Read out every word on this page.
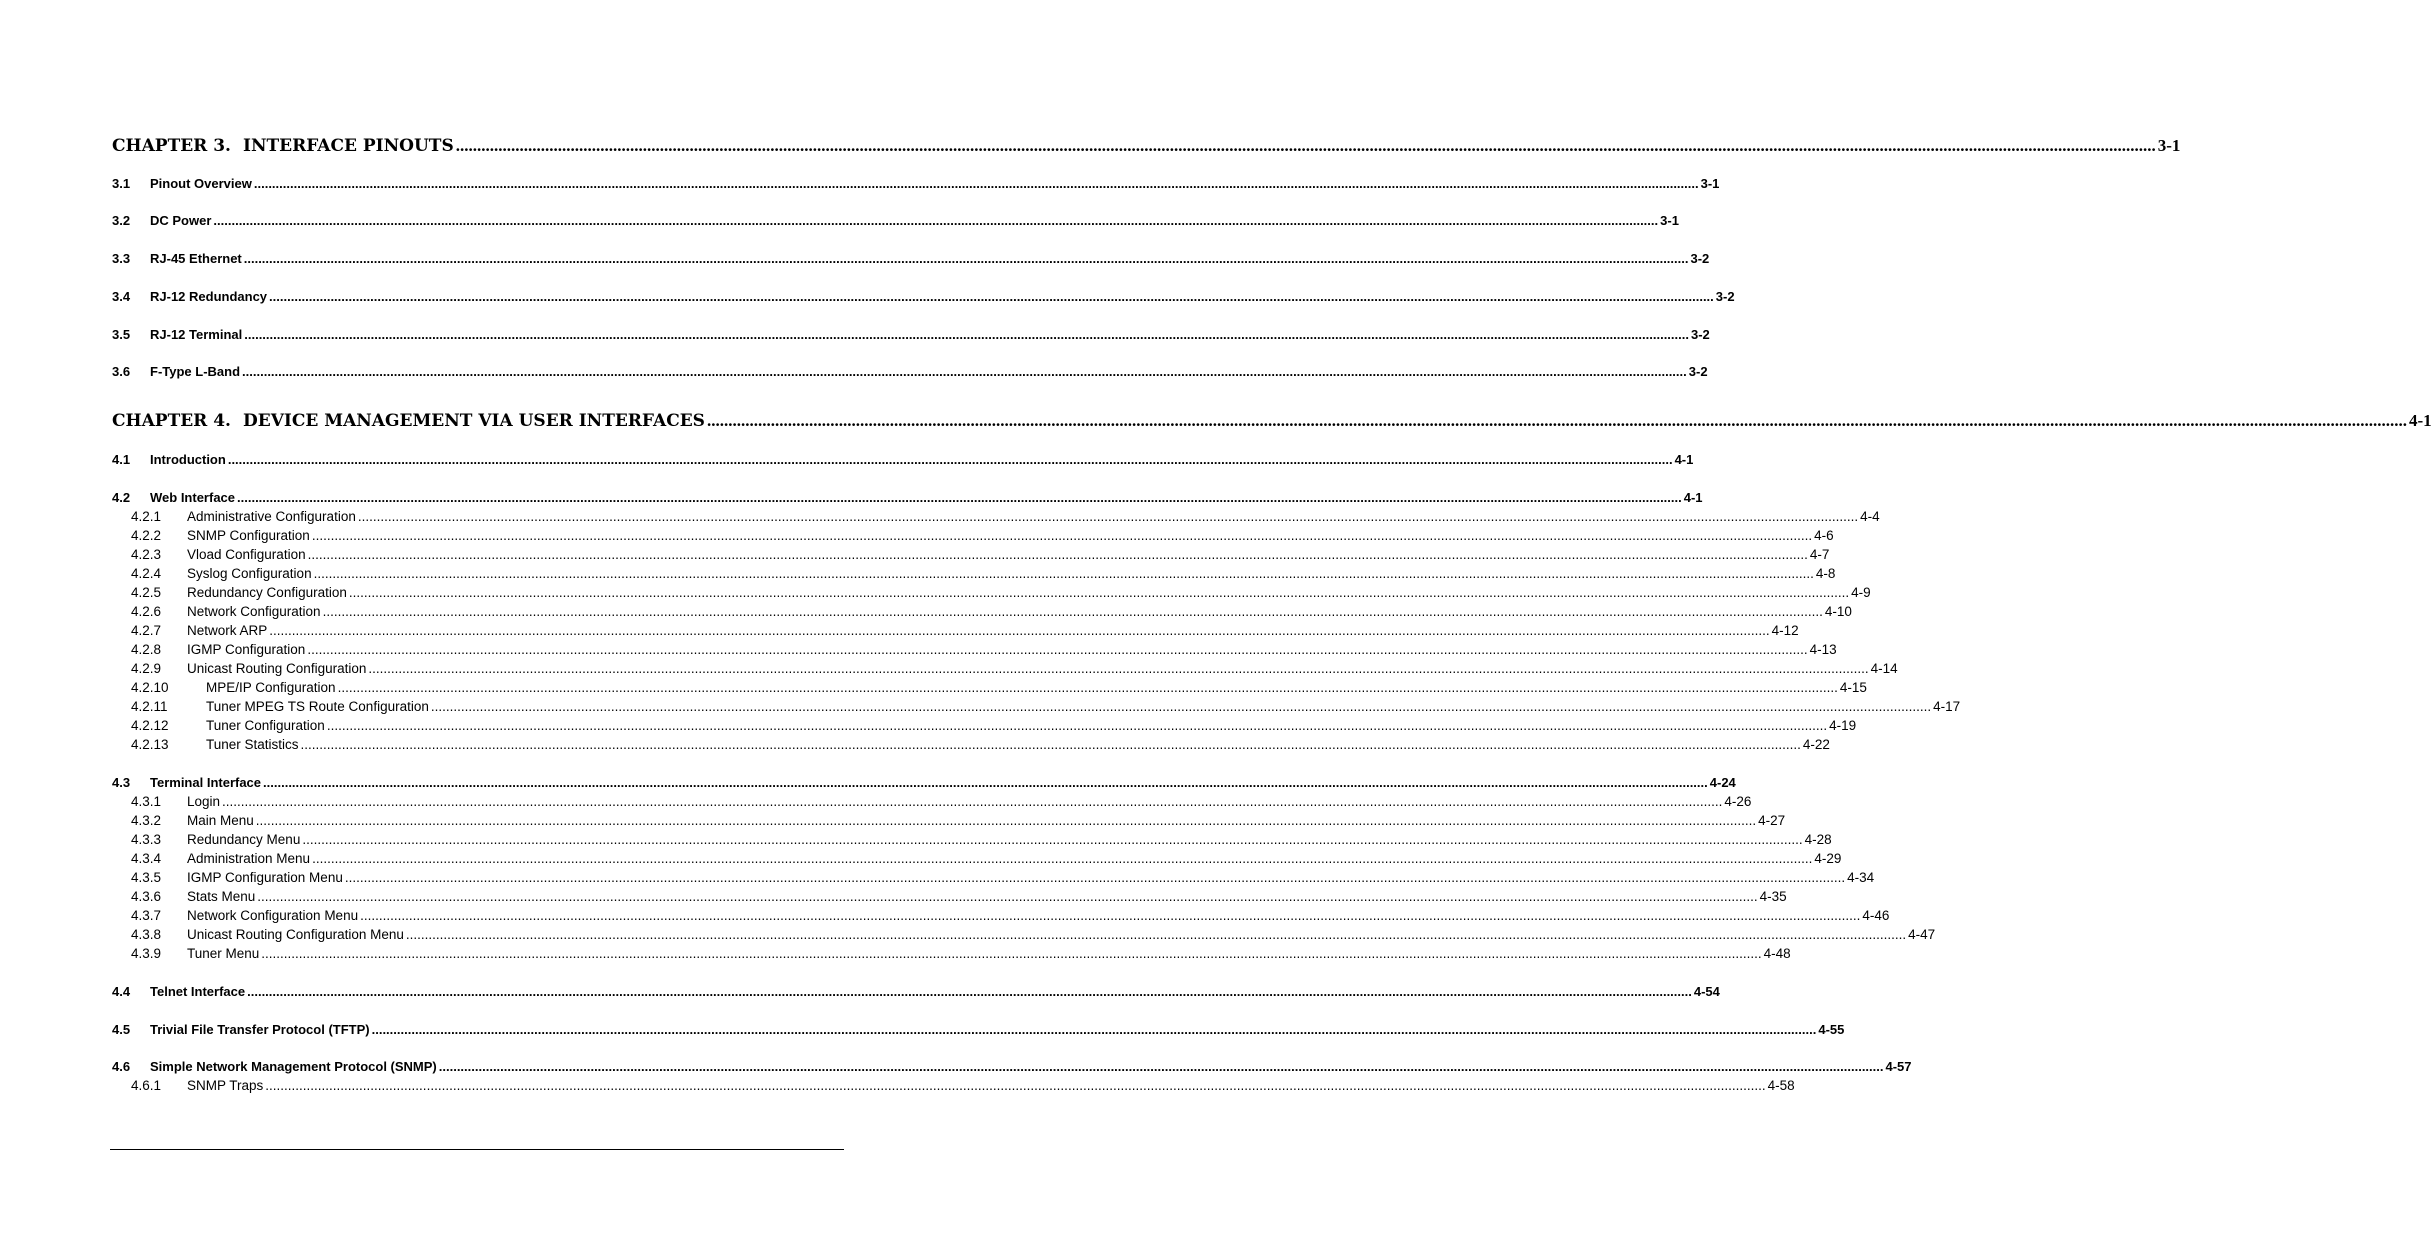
CHAPTER 3. INTERFACE PINOUTS ................................................................................................................................................................................................................................................................................................................................................................................................................ 3-1
3.1	Pinout Overview ................................................................................................................................................................................................................................................................................................................................................................................................................ 3-1
3.2	DC Power ................................................................................................................................................................................................................................................................................................................................................................................................................ 3-1
3.3	RJ-45 Ethernet ................................................................................................................................................................................................................................................................................................................................................................................................................ 3-2
3.4	RJ-12 Redundancy ................................................................................................................................................................................................................................................................................................................................................................................................................ 3-2
3.5	RJ-12 Terminal ................................................................................................................................................................................................................................................................................................................................................................................................................ 3-2
3.6	F-Type L-Band ................................................................................................................................................................................................................................................................................................................................................................................................................ 3-2
CHAPTER 4. DEVICE MANAGEMENT VIA USER INTERFACES ................................................................................................................................................................................................................................................................................................................................................................................................................ 4-1
4.1	Introduction ................................................................................................................................................................................................................................................................................................................................................................................................................ 4-1
4.2	Web Interface ................................................................................................................................................................................................................................................................................................................................................................................................................ 4-1
4.2.1	Administrative Configuration ................................................................................................................................................................................................................................................................................................................................................................................................................ 4-4
4.2.2	SNMP Configuration ................................................................................................................................................................................................................................................................................................................................................................................................................ 4-6
4.2.3	Vload Configuration ................................................................................................................................................................................................................................................................................................................................................................................................................ 4-7
4.2.4	Syslog Configuration ................................................................................................................................................................................................................................................................................................................................................................................................................ 4-8
4.2.5	Redundancy Configuration ................................................................................................................................................................................................................................................................................................................................................................................................................ 4-9
4.2.6	Network Configuration ................................................................................................................................................................................................................................................................................................................................................................................................................ 4-10
4.2.7	Network ARP ................................................................................................................................................................................................................................................................................................................................................................................................................ 4-12
4.2.8	IGMP Configuration ................................................................................................................................................................................................................................................................................................................................................................................................................ 4-13
4.2.9	Unicast Routing Configuration ................................................................................................................................................................................................................................................................................................................................................................................................................ 4-14
4.2.10	MPE/IP Configuration ................................................................................................................................................................................................................................................................................................................................................................................................................ 4-15
4.2.11	Tuner MPEG TS Route Configuration ................................................................................................................................................................................................................................................................................................................................................................................................................ 4-17
4.2.12	Tuner Configuration ................................................................................................................................................................................................................................................................................................................................................................................................................ 4-19
4.2.13	Tuner Statistics ................................................................................................................................................................................................................................................................................................................................................................................................................ 4-22
4.3	Terminal Interface ................................................................................................................................................................................................................................................................................................................................................................................................................ 4-24
4.3.1	Login ................................................................................................................................................................................................................................................................................................................................................................................................................ 4-26
4.3.2	Main Menu ................................................................................................................................................................................................................................................................................................................................................................................................................ 4-27
4.3.3	Redundancy Menu ................................................................................................................................................................................................................................................................................................................................................................................................................ 4-28
4.3.4	Administration Menu ................................................................................................................................................................................................................................................................................................................................................................................................................ 4-29
4.3.5	IGMP Configuration Menu ................................................................................................................................................................................................................................................................................................................................................................................................................ 4-34
4.3.6	Stats Menu ................................................................................................................................................................................................................................................................................................................................................................................................................ 4-35
4.3.7	Network Configuration Menu ................................................................................................................................................................................................................................................................................................................................................................................................................ 4-46
4.3.8	Unicast Routing Configuration Menu ................................................................................................................................................................................................................................................................................................................................................................................................................ 4-47
4.3.9	Tuner Menu ................................................................................................................................................................................................................................................................................................................................................................................................................ 4-48
4.4	Telnet Interface ................................................................................................................................................................................................................................................................................................................................................................................................................ 4-54
4.5	Trivial File Transfer Protocol (TFTP) ................................................................................................................................................................................................................................................................................................................................................................................................................ 4-55
4.6	Simple Network Management Protocol (SNMP) ................................................................................................................................................................................................................................................................................................................................................................................................................ 4-57
4.6.1	SNMP Traps ................................................................................................................................................................................................................................................................................................................................................................................................................ 4-58
